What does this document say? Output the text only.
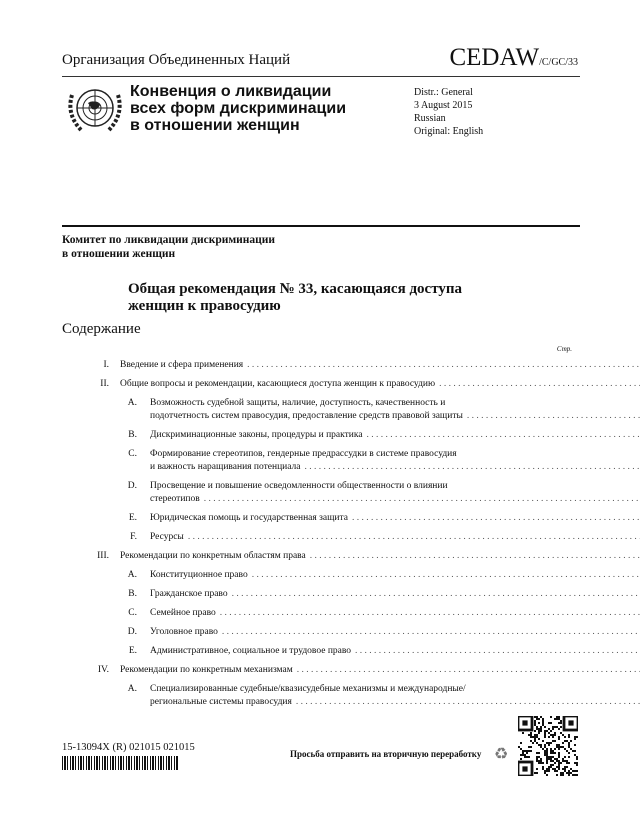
Организация Объединенных Наций	CEDAW/C/GC/33
Конвенция о ликвидации
всех форм дискриминации
в отношении женщин
Distr.: General
3 August 2015
Russian
Original: English
Комитет по ликвидации дискриминации
в отношении женщин
Общая рекомендация № 33, касающаяся доступа
женщин к правосудию
Содержание
Стр.
I.	Введение и сфера применения
. . .
II.	Общие вопросы и рекомендации, касающиеся доступа женщин к правосудию
. . .
A.	Возможность судебной защиты, наличие, доступность, качественность и
подотчетность систем правосудия, предоставление средств правовой защиты
. . .
B.	Дискриминационные законы, процедуры и практика
. . .
C.	Формирование стереотипов, гендерные предрассудки в системе правосудия
и важность наращивания потенциала
. . .
D.	Просвещение и повышение осведомленности общественности о влиянии
стереотипов
. . .
E.	Юридическая помощь и государственная защита
. . .
F.	Ресурсы
. . .
III.	Рекомендации по конкретным областям права
. . .
A.	Конституционное право
. . .
B.	Гражданское право
. . .
C.	Семейное право
. . .
D.	Уголовное право
. . .
E.	Административное, социальное и трудовое право
. . .
IV.	Рекомендации по конкретным механизмам
. . .
A.	Специализированные судебные/квазисудебные механизмы и международные/
региональные системы правосудия
. . .
15-13094X (R) 021015 021015
Просьба отправить на вторичную переработку ♻
